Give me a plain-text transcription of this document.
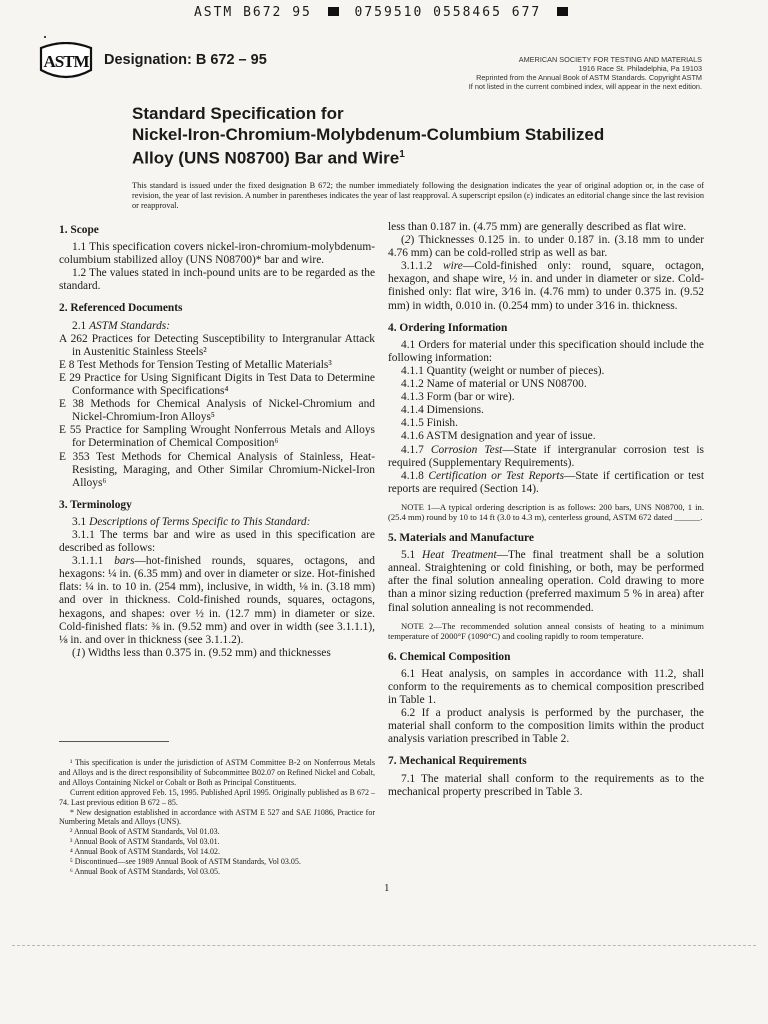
ASTM B672 95	0759510 0558465 677
ASTM Designation: B 672 – 95	AMERICAN SOCIETY FOR TESTING AND MATERIALS
1916 Race St. Philadelphia, Pa 19103
Reprinted from the Annual Book of ASTM Standards. Copyright ASTM
If not listed in the current combined index, will appear in the next edition.
Standard Specification for
Nickel-Iron-Chromium-Molybdenum-Columbium Stabilized
Alloy (UNS N08700) Bar and Wire$^1$
This standard is issued under the fixed designation B 672; the number immediately following the designation indicates the year of original adoption or, in the case of revision, the year of last revision. A number in parentheses indicates the year of last reapproval. A superscript epsilon (ε) indicates an editorial change since the last revision or reapproval.
1. Scope

1.1 This specification covers nickel-iron-chromium-molybdenum-columbium stabilized alloy (UNS N08700)* bar and wire.

1.2 The values stated in inch-pound units are to be regarded as the standard.

2. Referenced Documents

2.1 ASTM Standards:

A 262 Practices for Detecting Susceptibility to Intergranular Attack in Austenitic Stainless Steels²

E 8 Test Methods for Tension Testing of Metallic Materials³

E 29 Practice for Using Significant Digits in Test Data to Determine Conformance with Specifications⁴

E 38 Methods for Chemical Analysis of Nickel-Chromium and Nickel-Chromium-Iron Alloys⁵

E 55 Practice for Sampling Wrought Nonferrous Metals and Alloys for Determination of Chemical Composition⁶

E 353 Test Methods for Chemical Analysis of Stainless, Heat-Resisting, Maraging, and Other Similar Chromium-Nickel-Iron Alloys⁶

3. Terminology

3.1 Descriptions of Terms Specific to This Standard:

3.1.1 The terms bar and wire as used in this specification are described as follows:

3.1.1.1 bars—hot-finished rounds, squares, octagons, and hexagons: ¼ in. (6.35 mm) and over in diameter or size. Hot-finished flats: ¼ in. to 10 in. (254 mm), inclusive, in width, ⅛ in. (3.18 mm) and over in thickness. Cold-finished rounds, squares, octagons, hexagons, and shapes: over ½ in. (12.7 mm) in diameter or size. Cold-finished flats: ⅜ in. (9.52 mm) and over in width (see 3.1.1.1), ⅛ in. and over in thickness (see 3.1.1.2).

(1) Widths less than 0.375 in. (9.52 mm) and thicknesses

¹ This specification is under the jurisdiction of ASTM Committee B-2 on Nonferrous Metals and Alloys and is the direct responsibility of Subcommittee B02.07 on Refined Nickel and Cobalt, and Alloys Containing Nickel or Cobalt or Both as Principal Constituents.

Current edition approved Feb. 15, 1995. Published April 1995. Originally published as B 672 – 74. Last previous edition B 672 – 85.

* New designation established in accordance with ASTM E 527 and SAE J1086, Practice for Numbering Metals and Alloys (UNS).

² Annual Book of ASTM Standards, Vol 01.03.

³ Annual Book of ASTM Standards, Vol 03.01.

⁴ Annual Book of ASTM Standards, Vol 14.02.

⁵ Discontinued—see 1989 Annual Book of ASTM Standards, Vol 03.05.

⁶ Annual Book of ASTM Standards, Vol 03.05.

less than 0.187 in. (4.75 mm) are generally described as flat wire.

(2) Thicknesses 0.125 in. to under 0.187 in. (3.18 mm to under 4.76 mm) can be cold-rolled strip as well as bar.

3.1.1.2 wire—Cold-finished only: round, square, octagon, hexagon, and shape wire, ½ in. and under in diameter or size. Cold-finished only: flat wire, 3⁄16 in. (4.76 mm) to under 0.375 in. (9.52 mm) in width, 0.010 in. (0.254 mm) to under 3⁄16 in. thickness.

4. Ordering Information

4.1 Orders for material under this specification should include the following information:

4.1.1 Quantity (weight or number of pieces).

4.1.2 Name of material or UNS N08700.

4.1.3 Form (bar or wire).

4.1.4 Dimensions.

4.1.5 Finish.

4.1.6 ASTM designation and year of issue.

4.1.7 Corrosion Test—State if intergranular corrosion test is required (Supplementary Requirements).

4.1.8 Certification or Test Reports—State if certification or test reports are required (Section 14).

NOTE 1—A typical ordering description is as follows: 200 bars, UNS N08700, 1 in. (25.4 mm) round by 10 to 14 ft (3.0 to 4.3 m), centerless ground, ASTM 672 dated ______.

5. Materials and Manufacture

5.1 Heat Treatment—The final treatment shall be a solution anneal. Straightening or cold finishing, or both, may be performed after the final solution annealing operation. Cold drawing to more than a minor sizing reduction (preferred maximum 5 % in area) after final solution annealing is not recommended.

NOTE 2—The recommended solution anneal consists of heating to a minimum temperature of 2000°F (1090°C) and cooling rapidly to room temperature.

6. Chemical Composition

6.1 Heat analysis, on samples in accordance with 11.2, shall conform to the requirements as to chemical composition prescribed in Table 1.

6.2 If a product analysis is performed by the purchaser, the material shall conform to the composition limits within the product analysis variation prescribed in Table 2.

7. Mechanical Requirements

7.1 The material shall conform to the requirements as to the mechanical property prescribed in Table 3.

1
